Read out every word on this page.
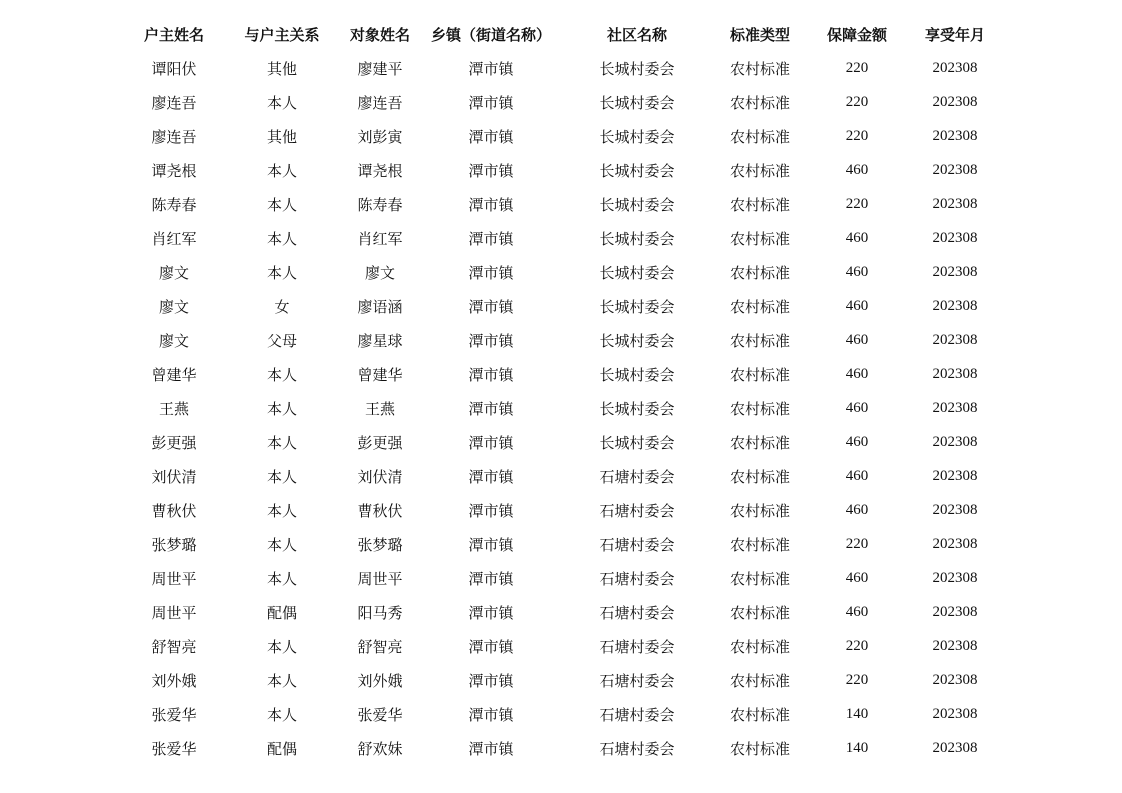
户主姓名	与户主关系	对象姓名	乡镇（街道名称）	社区名称	标准类型	保障金额	享受年月
谭阳伏	其他	廖建平	潭市镇	长城村委会	农村标准	220	202308
廖连吾	本人	廖连吾	潭市镇	长城村委会	农村标准	220	202308
廖连吾	其他	刘彭寅	潭市镇	长城村委会	农村标准	220	202308
谭尧根	本人	谭尧根	潭市镇	长城村委会	农村标准	460	202308
陈寿春	本人	陈寿春	潭市镇	长城村委会	农村标准	220	202308
肖红军	本人	肖红军	潭市镇	长城村委会	农村标准	460	202308
廖文	本人	廖文	潭市镇	长城村委会	农村标准	460	202308
廖文	女	廖语涵	潭市镇	长城村委会	农村标准	460	202308
廖文	父母	廖星球	潭市镇	长城村委会	农村标准	460	202308
曾建华	本人	曾建华	潭市镇	长城村委会	农村标准	460	202308
王燕	本人	王燕	潭市镇	长城村委会	农村标准	460	202308
彭更强	本人	彭更强	潭市镇	长城村委会	农村标准	460	202308
刘伏清	本人	刘伏清	潭市镇	石塘村委会	农村标准	460	202308
曹秋伏	本人	曹秋伏	潭市镇	石塘村委会	农村标准	460	202308
张梦璐	本人	张梦璐	潭市镇	石塘村委会	农村标准	220	202308
周世平	本人	周世平	潭市镇	石塘村委会	农村标准	460	202308
周世平	配偶	阳马秀	潭市镇	石塘村委会	农村标准	460	202308
舒智亮	本人	舒智亮	潭市镇	石塘村委会	农村标准	220	202308
刘外娥	本人	刘外娥	潭市镇	石塘村委会	农村标准	220	202308
张爱华	本人	张爱华	潭市镇	石塘村委会	农村标准	140	202308
张爱华	配偶	舒欢妹	潭市镇	石塘村委会	农村标准	140	202308
